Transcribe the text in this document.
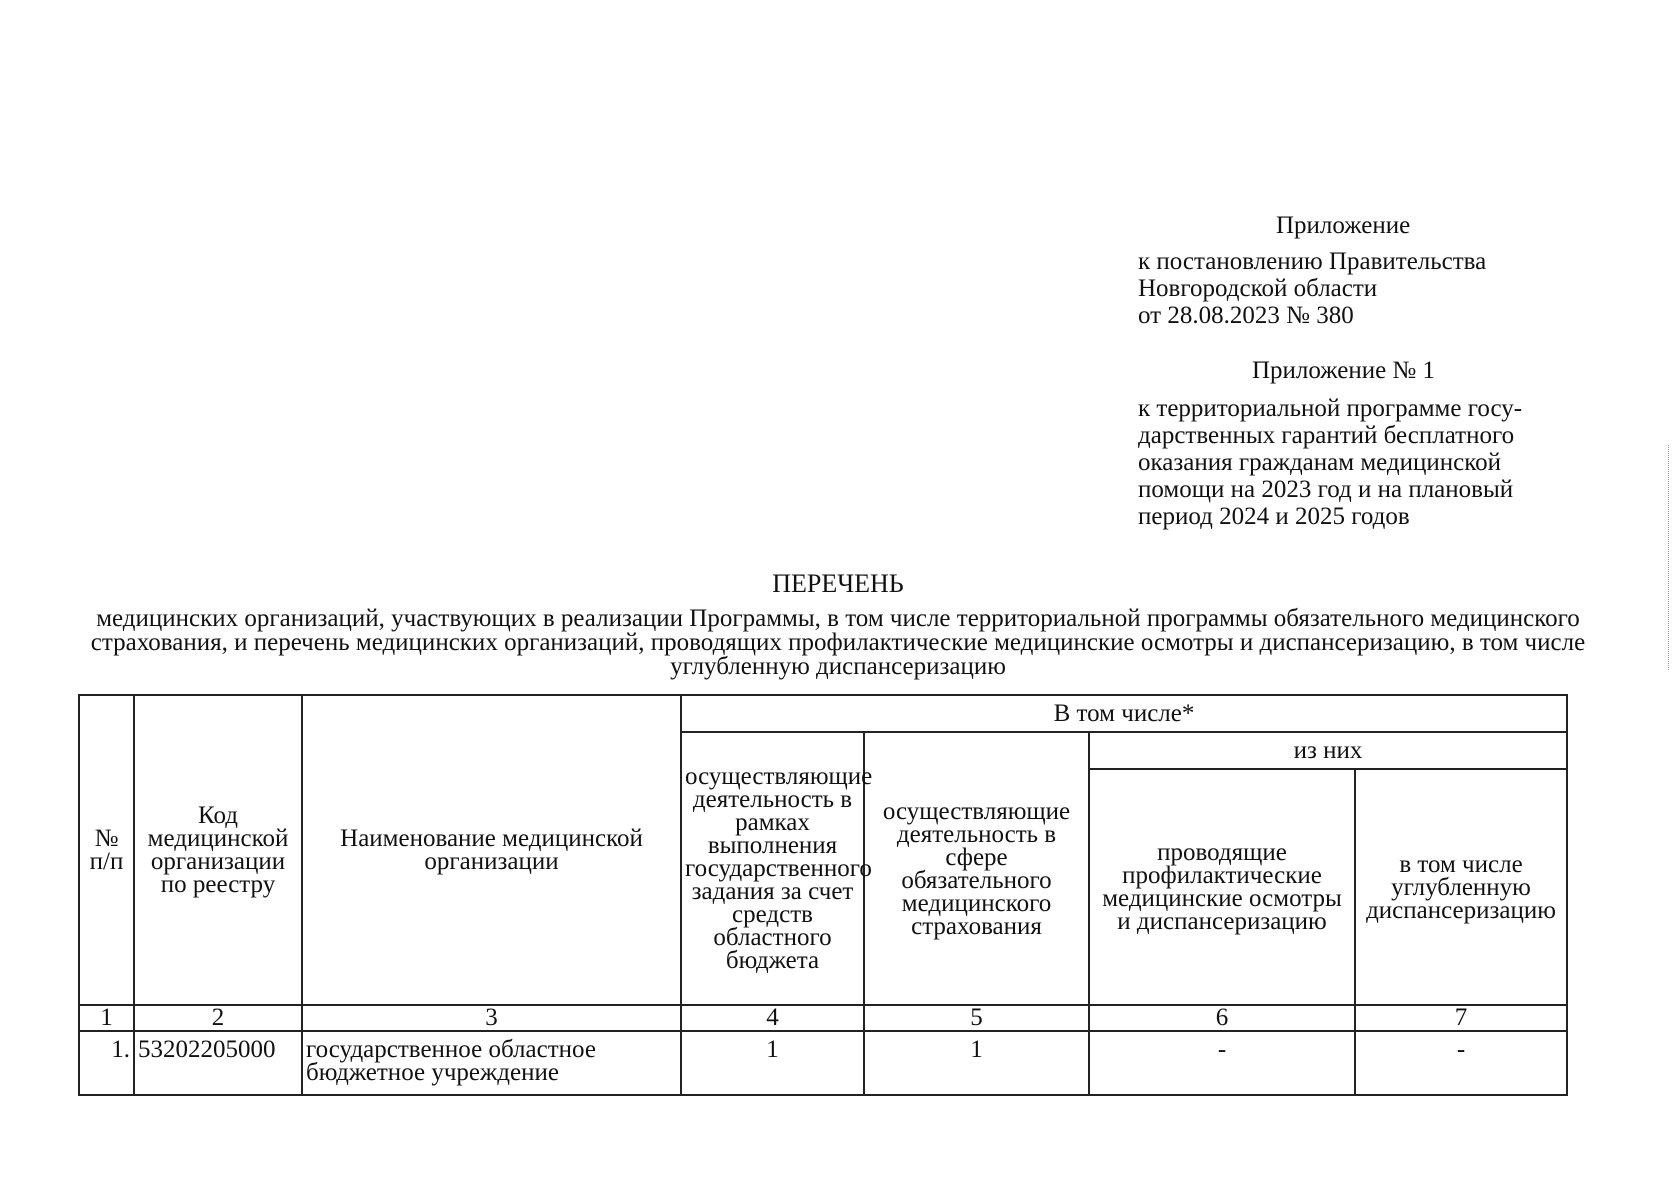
Приложение
к постановлению Правительства
Новгородской области
от 28.08.2023 № 380
Приложение № 1
к территориальной программе госу-
дарственных гарантий бесплатного
оказания гражданам медицинской
помощи на 2023 год и на плановый
период 2024 и 2025 годов
ПЕРЕЧЕНЬ
медицинских организаций, участвующих в реализации Программы, в том числе территориальной программы обязательного медицинского страхования, и перечень медицинских организаций, проводящих профилактические медицинские осмотры и диспансеризацию, в том числе углубленную диспансеризацию
№ п/п	Код медицинской организации по реестру	Наименование медицинской организации	В том числе*			
			осуществляющие деятельность в рамках выполнения государственного задания за счет средств областного бюджета	осуществляющие деятельность в сфере обязательного медицинского страхования	из них	
					проводящие профилактические медицинские осмотры и диспансеризацию	в том числе углубленную диспансеризацию
1	2	3	4	5	6	7
1.	53202205000	государственное областное бюджетное учреждение	1	1	-	-
